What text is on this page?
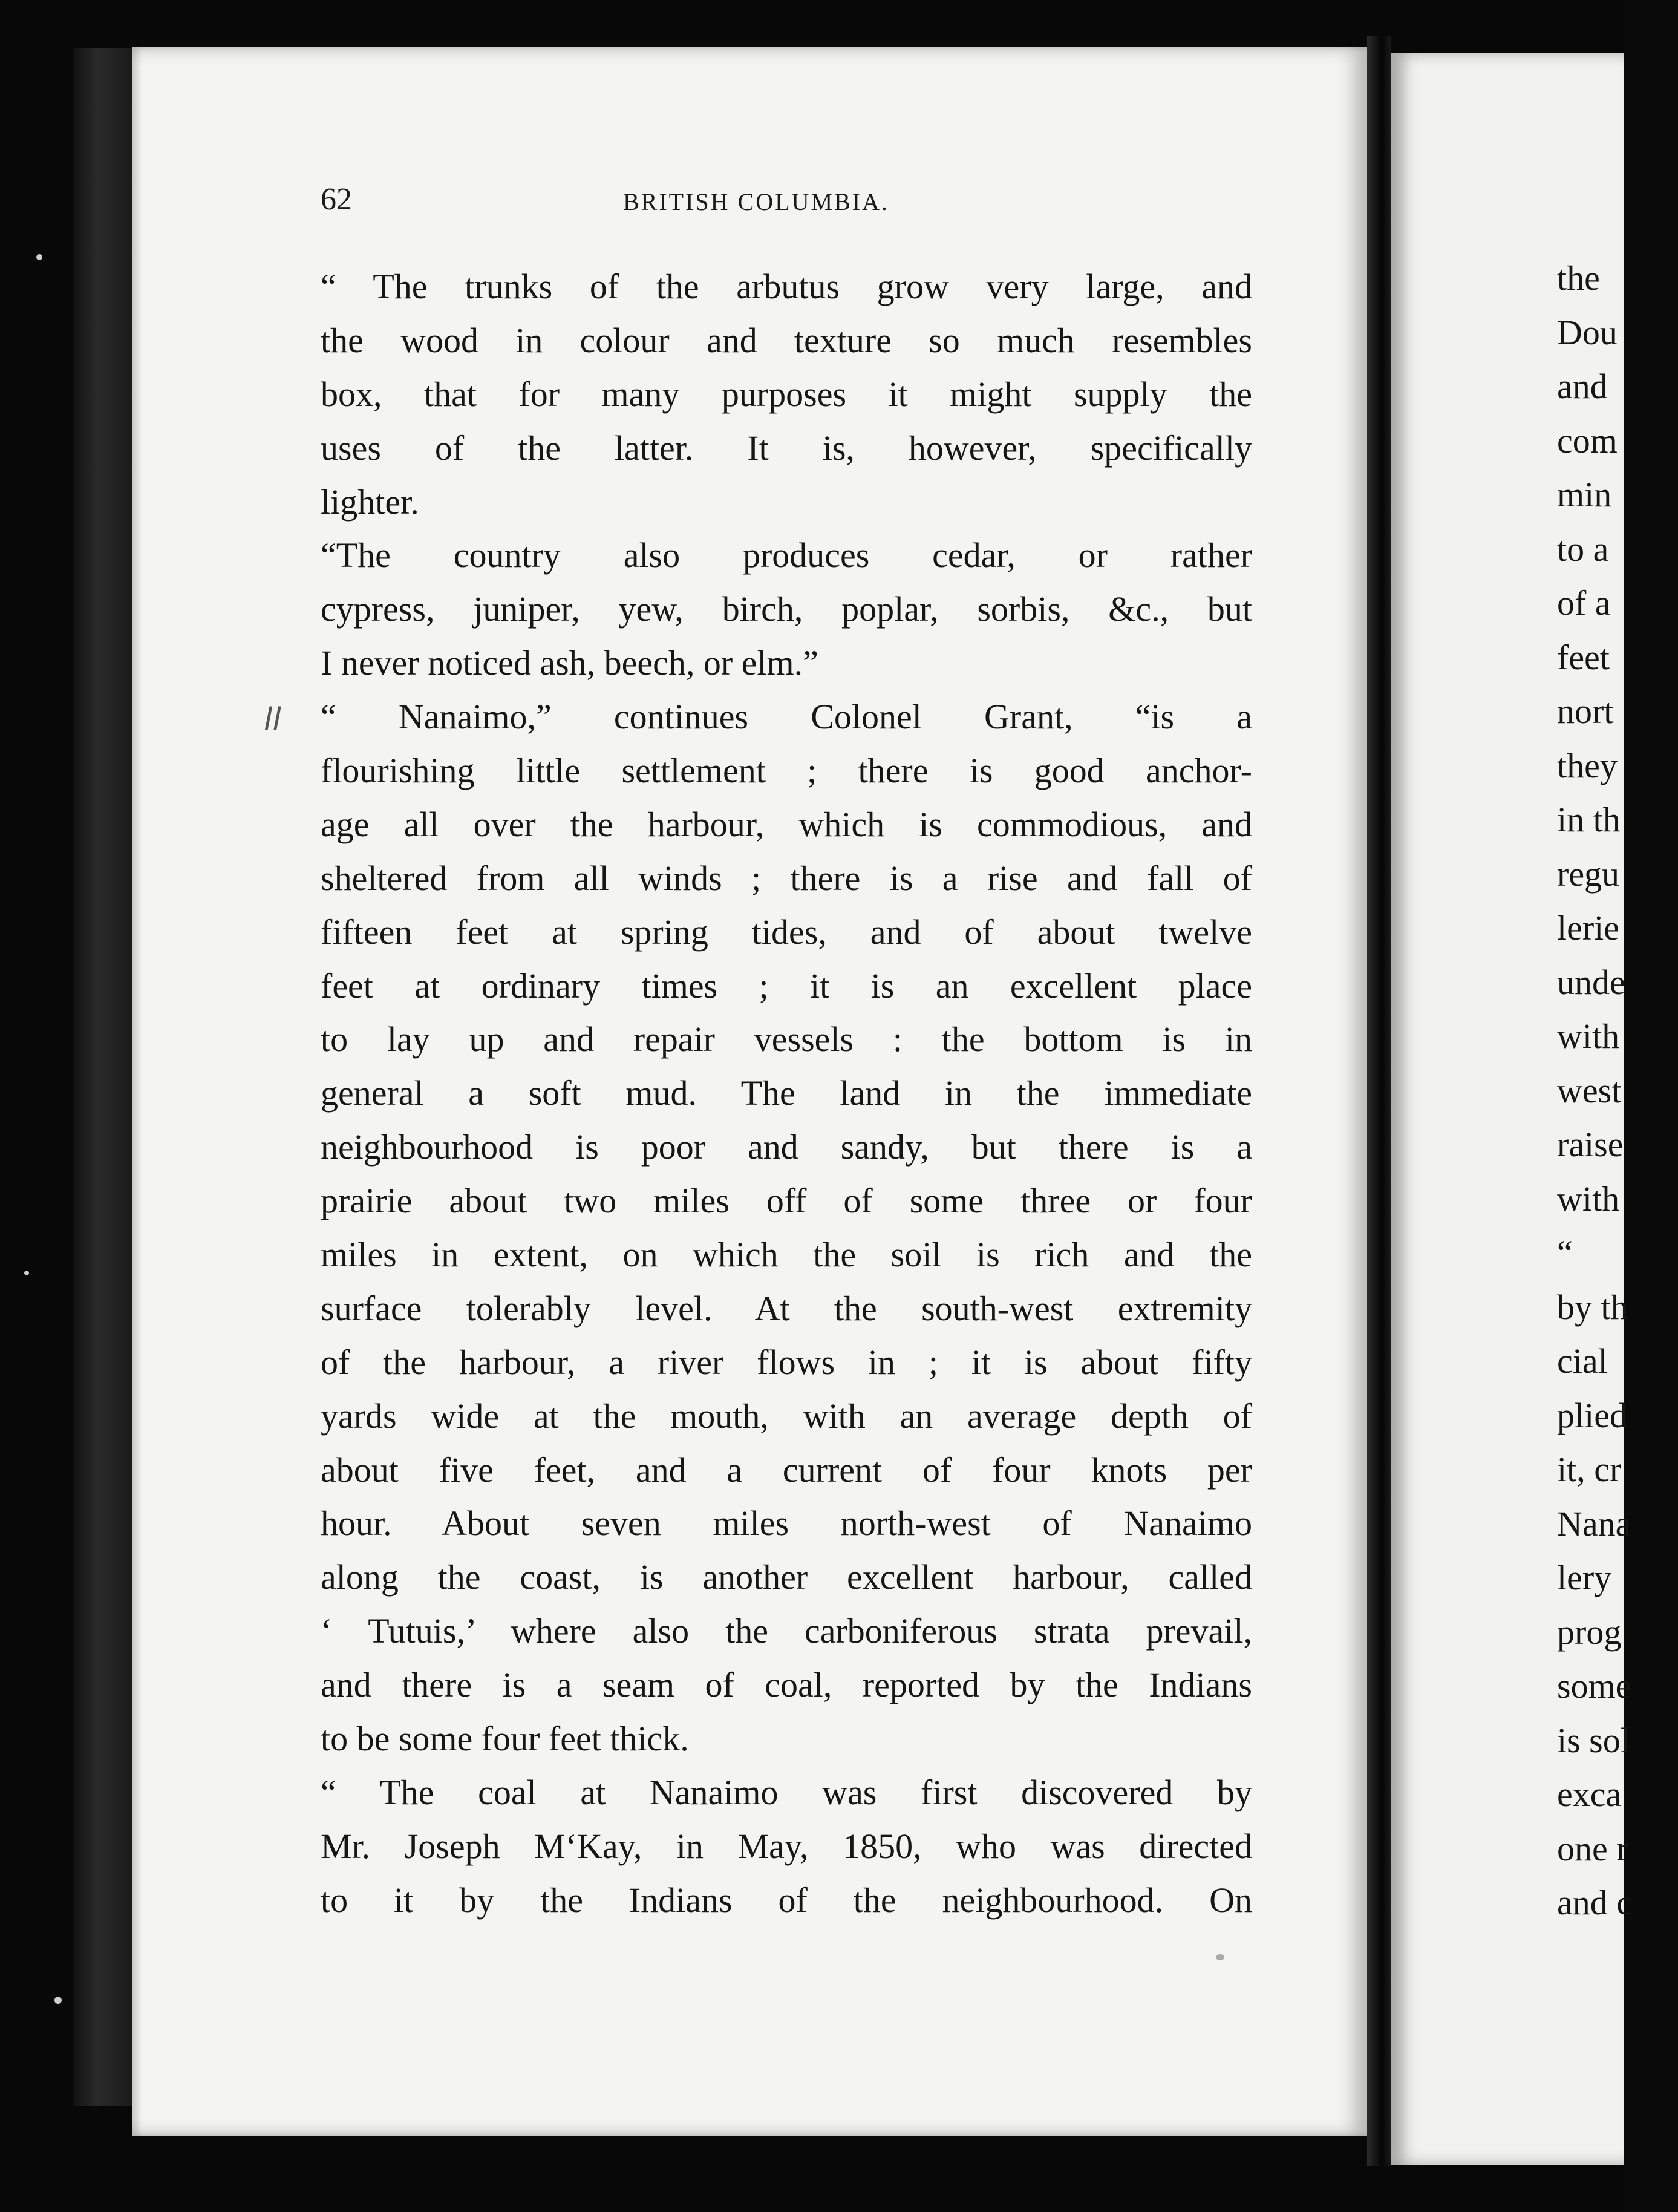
62	BRITISH COLUMBIA.
ll
“ The trunks of the arbutus grow very large, and
the wood in colour and texture so much resembles
box, that for many purposes it might supply the
uses of the latter. It is, however, specifically
lighter.
“The country also produces cedar, or rather
cypress, juniper, yew, birch, poplar, sorbis, &c., but
I never noticed ash, beech, or elm.”
“ Nanaimo,” continues Colonel Grant, “is a
flourishing little settlement ; there is good anchor-
age all over the harbour, which is commodious, and
sheltered from all winds ; there is a rise and fall of
fifteen feet at spring tides, and of about twelve
feet at ordinary times ; it is an excellent place
to lay up and repair vessels : the bottom is in
general a soft mud. The land in the immediate
neighbourhood is poor and sandy, but there is a
prairie about two miles off of some three or four
miles in extent, on which the soil is rich and the
surface tolerably level. At the south-west extremity
of the harbour, a river flows in ; it is about fifty
yards wide at the mouth, with an average depth of
about five feet, and a current of four knots per
hour. About seven miles north-west of Nanaimo
along the coast, is another excellent harbour, called
‘ Tutuis,’ where also the carboniferous strata prevail,
and there is a seam of coal, reported by the Indians
to be some four feet thick.
“ The coal at Nanaimo was first discovered by
Mr. Joseph M‘Kay, in May, 1850, who was directed
to it by the Indians of the neighbourhood. On
the
Dou
and
com
min
to a
of a
feet
nort
they
in th
regu
lerie
unde
with
west
raise
with
“
by th
cial
plied
it, cr
Nana
lery
prog
some
is sol
exca
one r
and c
